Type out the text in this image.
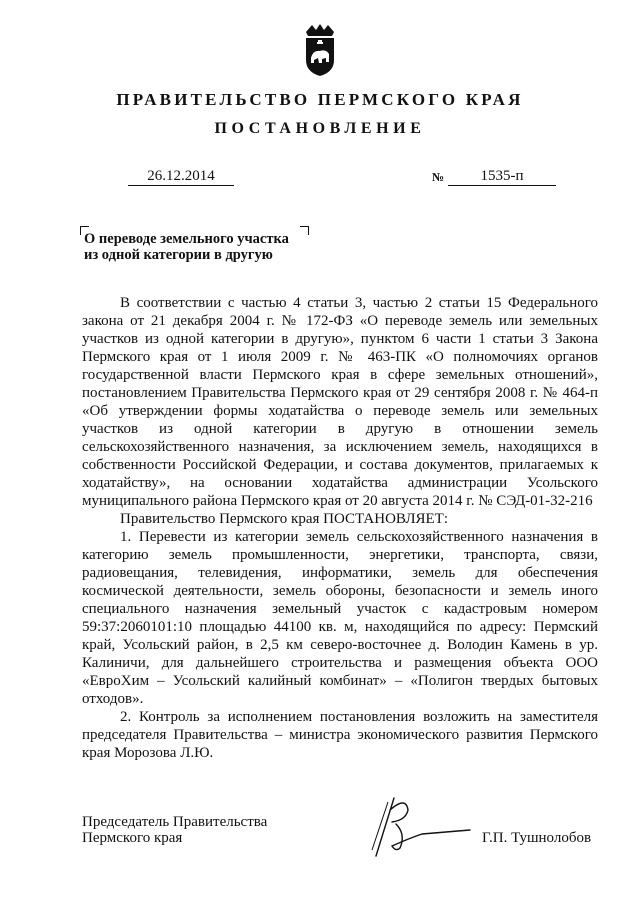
ПРАВИТЕЛЬСТВО ПЕРМСКОГО КРАЯ
ПОСТАНОВЛЕНИЕ
26.12.2014	№	1535-п
О переводе земельного участка
из одной категории в другую

В соответствии с частью 4 статьи 3, частью 2 статьи 15 Федерального закона от 21 декабря 2004 г. № 172-ФЗ «О переводе земель или земельных участков из одной категории в другую», пунктом 6 части 1 статьи 3 Закона Пермского края от 1 июля 2009 г. № 463-ПК «О полномочиях органов государственной власти Пермского края в сфере земельных отношений», постановлением Правительства Пермского края от 29 сентября 2008 г. № 464-п «Об утверждении формы ходатайства о переводе земель или земельных участков из одной категории в другую в отношении земель сельскохозяйственного назначения, за исключением земель, находящихся в собственности Российской Федерации, и состава документов, прилагаемых к ходатайству», на основании ходатайства администрации Усольского муниципального района Пермского края от 20 августа 2014 г. № СЭД-01-32-216

Правительство Пермского края ПОСТАНОВЛЯЕТ:

1. Перевести из категории земель сельскохозяйственного назначения в категорию земель промышленности, энергетики, транспорта, связи, радиовещания, телевидения, информатики, земель для обеспечения космической деятельности, земель обороны, безопасности и земель иного специального назначения земельный участок с кадастровым номером 59:37:2060101:10 площадью 44100 кв. м, находящийся по адресу: Пермский край, Усольский район, в 2,5 км северо-восточнее д. Володин Камень в ур. Калиничи, для дальнейшего строительства и размещения объекта ООО «ЕвроХим – Усольский калийный комбинат» – «Полигон твердых бытовых отходов».

2. Контроль за исполнением постановления возложить на заместителя председателя Правительства – министра экономического развития Пермского края Морозова Л.Ю.

Председатель Правительства
Пермского края	Г.П. Тушнолобов
